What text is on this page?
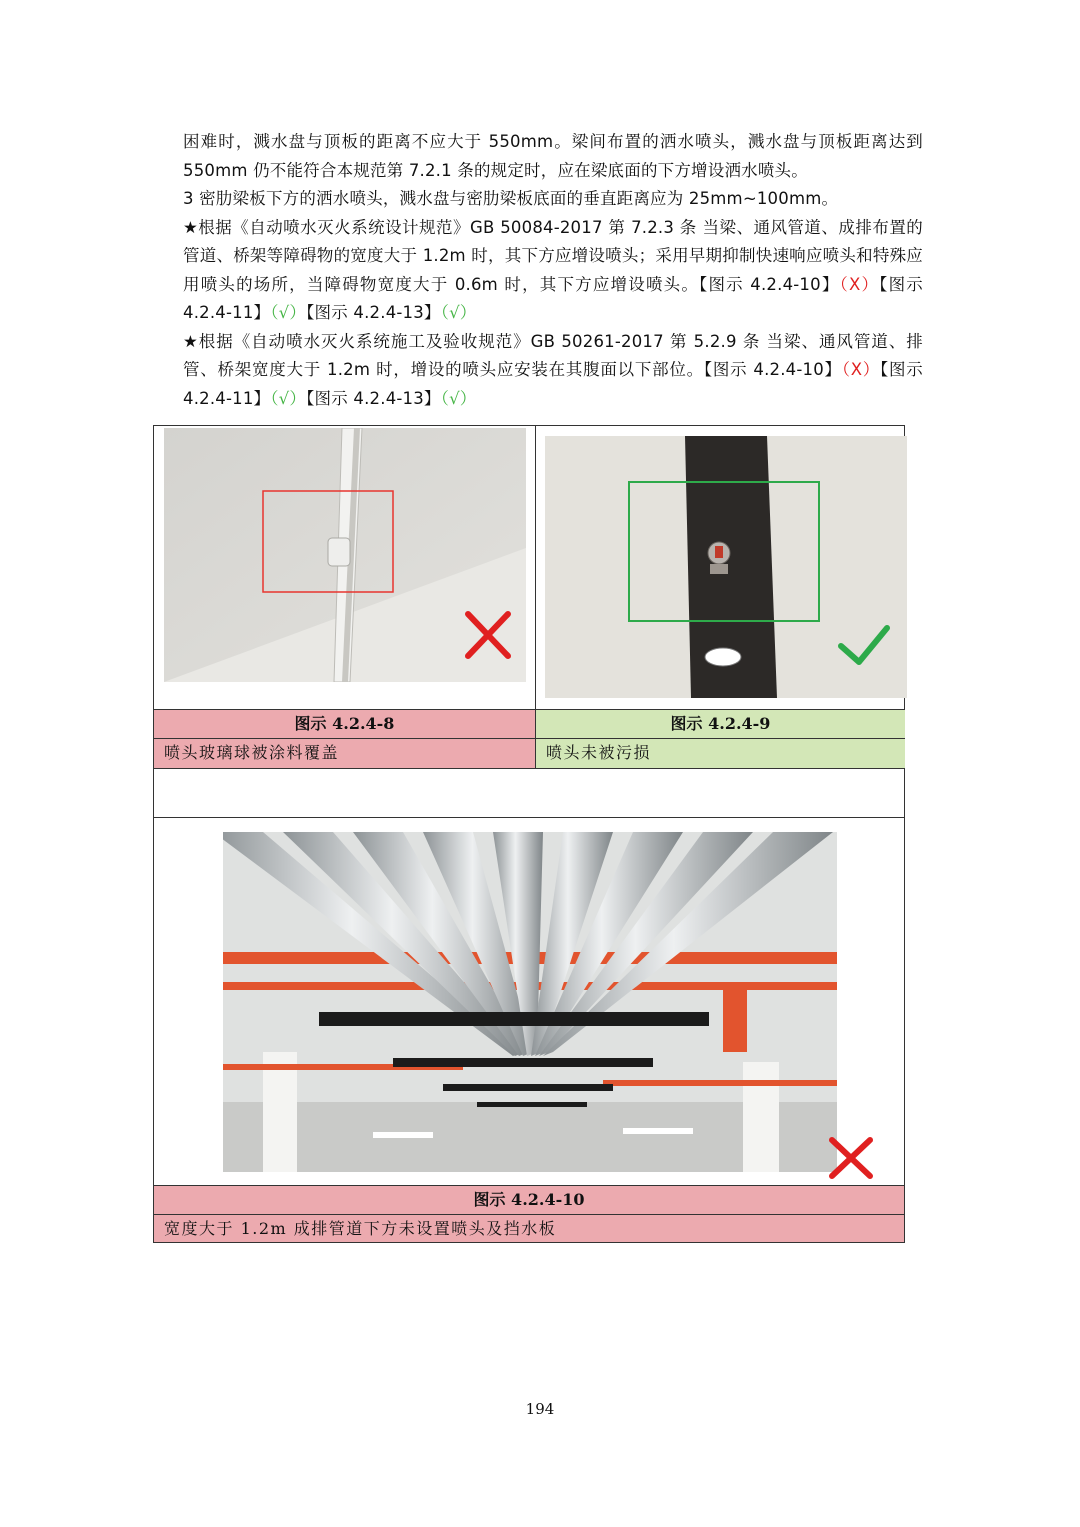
困难时，溅水盘与顶板的距离不应大于 550mm。梁间布置的洒水喷头，溅水盘与顶板距离达到 550mm 仍不能符合本规范第 7.2.1 条的规定时，应在梁底面的下方增设洒水喷头。

3 密肋梁板下方的洒水喷头，溅水盘与密肋梁板底面的垂直距离应为 25mm~100mm。

★根据《自动喷水灭火系统设计规范》GB 50084-2017 第 7.2.3 条 当梁、通风管道、成排布置的管道、桥架等障碍物的宽度大于 1.2m 时，其下方应增设喷头；采用早期抑制快速响应喷头和特殊应用喷头的场所，当障碍物宽度大于 0.6m 时，其下方应增设喷头。【图示 4.2.4-10】（X）【图示 4.2.4-11】（√）【图示 4.2.4-13】（√）

★根据《自动喷水灭火系统施工及验收规范》GB 50261-2017 第 5.2.9 条 当梁、通风管道、排管、桥架宽度大于 1.2m 时，增设的喷头应安装在其腹面以下部位。【图示 4.2.4-10】（X）【图示 4.2.4-11】（√）【图示 4.2.4-13】（√）

图示 4.2.4-8	图示 4.2.4-9
喷头玻璃球被涂料覆盖	喷头未被污损
图示 4.2.4-10
宽度大于 1.2m 成排管道下方未设置喷头及挡水板
194
